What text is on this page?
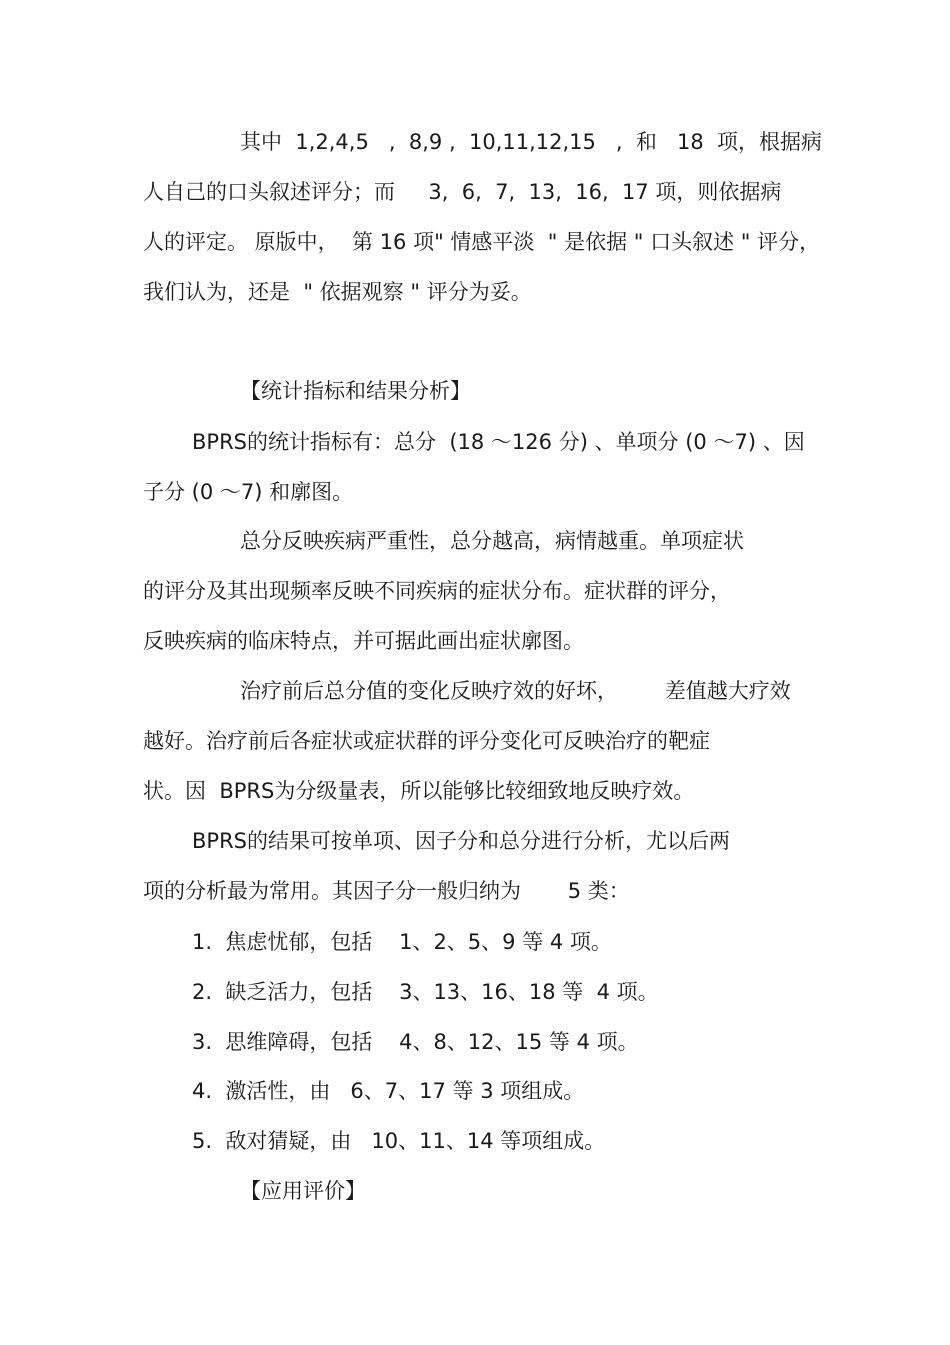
其中  1,2,4,5   ,  8,9 ,  10,11,12,15   ,  和   18  项，根据病

人自己的口头叙述评分；而     3,  6,  7,  13,  16,  17 项，则依据病

人的评定。 原版中，  第 16 项" 情感平淡  " 是依据 " 口头叙述 " 评分，

我们认为，还是  " 依据观察 " 评分为妥。

【统计指标和结果分析】

BPRS的统计指标有：总分  (18 ～126 分) 、单项分 (0 ～7) 、因

子分 (0 ～7) 和廓图。

总分反映疾病严重性，总分越高，病情越重。单项症状

的评分及其出现频率反映不同疾病的症状分布。症状群的评分，

反映疾病的临床特点，并可据此画出症状廓图。

治疗前后总分值的变化反映疗效的好坏，       差值越大疗效

越好。治疗前后各症状或症状群的评分变化可反映治疗的靶症

状。因  BPRS为分级量表，所以能够比较细致地反映疗效。

BPRS的结果可按单项、因子分和总分进行分析，尤以后两

项的分析最为常用。其因子分一般归纳为       5 类：

1.  焦虑忧郁，包括    1、2、5、9 等 4 项。

2.  缺乏活力，包括    3、13、16、18 等  4 项。

3.  思维障碍，包括    4、8、12、15 等 4 项。

4.  激活性，由   6、7、17 等 3 项组成。

5.  敌对猜疑，由   10、11、14 等项组成。

【应用评价】
